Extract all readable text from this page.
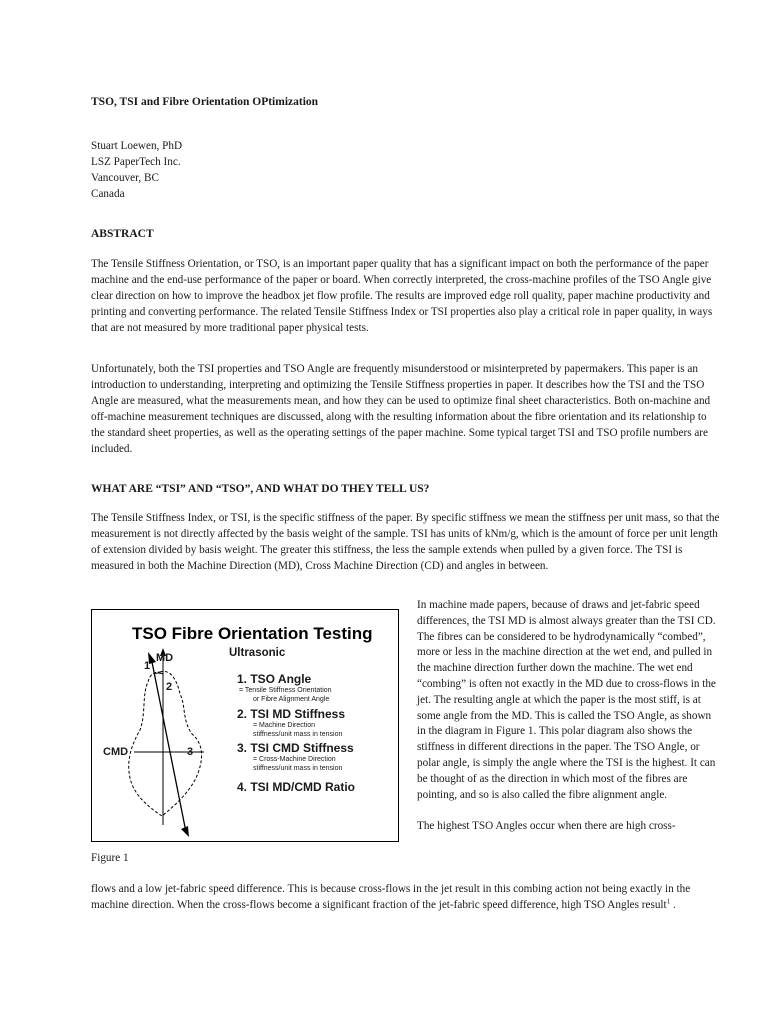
TSO, TSI and Fibre Orientation OPtimization
Stuart Loewen, PhD
LSZ PaperTech Inc.
Vancouver, BC
Canada
ABSTRACT

The Tensile Stiffness Orientation, or TSO, is an important paper quality that has a significant impact on both the performance of the paper machine and the end-use performance of the paper or board. When correctly interpreted, the cross-machine profiles of the TSO Angle give clear direction on how to improve the headbox jet flow profile. The results are improved edge roll quality, paper machine productivity and printing and converting performance. The related Tensile Stiffness Index or TSI properties also play a critical role in paper quality, in ways that are not measured by more traditional paper physical tests.

Unfortunately, both the TSI properties and TSO Angle are frequently misunderstood or misinterpreted by papermakers. This paper is an introduction to understanding, interpreting and optimizing the Tensile Stiffness properties in paper. It describes how the TSI and the TSO Angle are measured, what the measurements mean, and how they can be used to optimize final sheet characteristics. Both on-machine and off-machine measurement techniques are discussed, along with the resulting information about the fibre orientation and its relationship to the standard sheet properties, as well as the operating settings of the paper machine. Some typical target TSI and TSO profile numbers are included.

WHAT ARE “TSI” AND “TSO”, AND WHAT DO THEY TELL US?

The Tensile Stiffness Index, or TSI, is the specific stiffness of the paper. By specific stiffness we mean the stiffness per unit mass, so that the measurement is not directly affected by the basis weight of the sample. TSI has units of kNm/g, which is the amount of force per unit length of extension divided by basis weight. The greater this stiffness, the less the sample extends when pulled by a given force. The TSI is measured in both the Machine Direction (MD), Cross Machine Direction (CD) and angles in between.

TSO Fibre Orientation Testing
Ultrasonic
MD
1
2
3
CMD
1. TSO Angle
= Tensile Stiffness Orientation
or Fibre Alignment Angle
2. TSI MD Stiffness
= Machine Direction
stiffness/unit mass in tension
3. TSI CMD Stiffness
= Cross-Machine Direction
stiffness/unit mass in tension
4. TSI MD/CMD Ratio

In machine made papers, because of draws and jet-fabric speed differences, the TSI MD is almost always greater than the TSI CD. The fibres can be considered to be hydrodynamically “combed”, more or less in the machine direction at the wet end, and pulled in the machine direction further down the machine. The wet end “combing” is often not exactly in the MD due to cross-flows in the jet. The resulting angle at which the paper is the most stiff, is at some angle from the MD. This is called the TSO Angle, as shown in the diagram in Figure 1. This polar diagram also shows the stiffness in different directions in the paper. The TSO Angle, or polar angle, is simply the angle where the TSI is the highest. It can be thought of as the direction in which most of the fibres are pointing, and so is also called the fibre alignment angle.

The highest TSO Angles occur when there are high cross-

Figure 1

flows and a low jet-fabric speed difference. This is because cross-flows in the jet result in this combing action not being exactly in the machine direction. When the cross-flows become a significant fraction of the jet-fabric speed difference, high TSO Angles result$^1$ .
